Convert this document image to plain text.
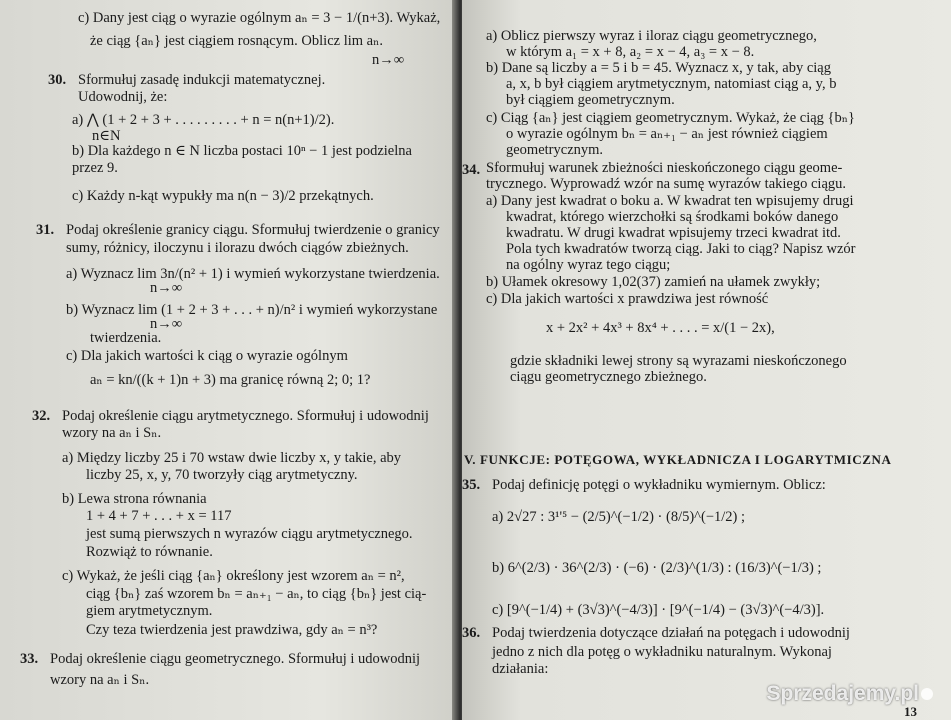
c) Dany jest ciąg o wyrazie ogólnym aₙ = 3 − 1/(n+3). Wykaż,
że ciąg {aₙ} jest ciągiem rosnącym. Oblicz lim aₙ.
n→∞
30. Sformułuj zasadę indukcji matematycznej.
Udowodnij, że:
a) ⋀ (1 + 2 + 3 + . . . . . . . . . + n = n(n+1)/2).
n∈N
b) Dla każdego n ∈ N liczba postaci 10ⁿ − 1 jest podzielna
przez 9.
c) Każdy n-kąt wypukły ma n(n − 3)/2 przekątnych.
31. Podaj określenie granicy ciągu. Sformułuj twierdzenie o granicy
sumy, różnicy, iloczynu i ilorazu dwóch ciągów zbieżnych.
a) Wyznacz lim 3n/(n² + 1) i wymień wykorzystane twierdzenia.
n→∞
b) Wyznacz lim (1 + 2 + 3 + . . . + n)/n² i wymień wykorzystane
n→∞
twierdzenia.
c) Dla jakich wartości k ciąg o wyrazie ogólnym
aₙ = kn/((k + 1)n + 3) ma granicę równą 2; 0; 1?
32. Podaj określenie ciągu arytmetycznego. Sformułuj i udowodnij
wzory na aₙ i Sₙ.
a) Między liczby 25 i 70 wstaw dwie liczby x, y takie, aby
liczby 25, x, y, 70 tworzyły ciąg arytmetyczny.
b) Lewa strona równania
1 + 4 + 7 + . . . + x = 117
jest sumą pierwszych n wyrazów ciągu arytmetycznego.
Rozwiąż to równanie.
c) Wykaż, że jeśli ciąg {aₙ} określony jest wzorem aₙ = n²,
ciąg {bₙ} zaś wzorem bₙ = aₙ₊₁ − aₙ, to ciąg {bₙ} jest cią-
giem arytmetycznym.
Czy teza twierdzenia jest prawdziwa, gdy aₙ = n³?
33. Podaj określenie ciągu geometrycznego. Sformułuj i udowodnij
wzory na aₙ i Sₙ.
V. FUNKCJE: POTĘGOWA, WYKŁADNICZA I LOGARYTMICZNA
13
a) Oblicz pierwszy wyraz i iloraz ciągu geometrycznego,
w którym a₁ = x + 8, a₂ = x − 4, a₃ = x − 8.
b) Dane są liczby a = 5 i b = 45. Wyznacz x, y tak, aby ciąg
a, x, b był ciągiem arytmetycznym, natomiast ciąg a, y, b
był ciągiem geometrycznym.
c) Ciąg {aₙ} jest ciągiem geometrycznym. Wykaż, że ciąg {bₙ}
o wyrazie ogólnym bₙ = aₙ₊₁ − aₙ jest również ciągiem
geometrycznym.
34. Sformułuj warunek zbieżności nieskończonego ciągu geome-
trycznego. Wyprowadź wzór na sumę wyrazów takiego ciągu.
a) Dany jest kwadrat o boku a. W kwadrat ten wpisujemy drugi
kwadrat, którego wierzchołki są środkami boków danego
kwadratu. W drugi kwadrat wpisujemy trzeci kwadrat itd.
Pola tych kwadratów tworzą ciąg. Jaki to ciąg? Napisz wzór
na ogólny wyraz tego ciągu;
b) Ułamek okresowy 1,02(37) zamień na ułamek zwykły;
c) Dla jakich wartości x prawdziwa jest równość
x + 2x² + 4x³ + 8x⁴ + . . . . = x/(1 − 2x),
gdzie składniki lewej strony są wyrazami nieskończonego
ciągu geometrycznego zbieżnego.
35. Podaj definicję potęgi o wykładniku wymiernym. Oblicz:
a) 2√27 : 3¹'⁵ − (2/5)^(−1/2) · (8/5)^(−1/2) ;
b) 6^(2/3) · 36^(2/3) · (−6) · (2/3)^(1/3) : (16/3)^(−1/3) ;
c) [9^(−1/4) + (3√3)^(−4/3)] · [9^(−1/4) − (3√3)^(−4/3)].
36. Podaj twierdzenia dotyczące działań na potęgach i udowodnij
jedno z nich dla potęg o wykładniku naturalnym. Wykonaj
działania:
Sprzedajemy.pl
